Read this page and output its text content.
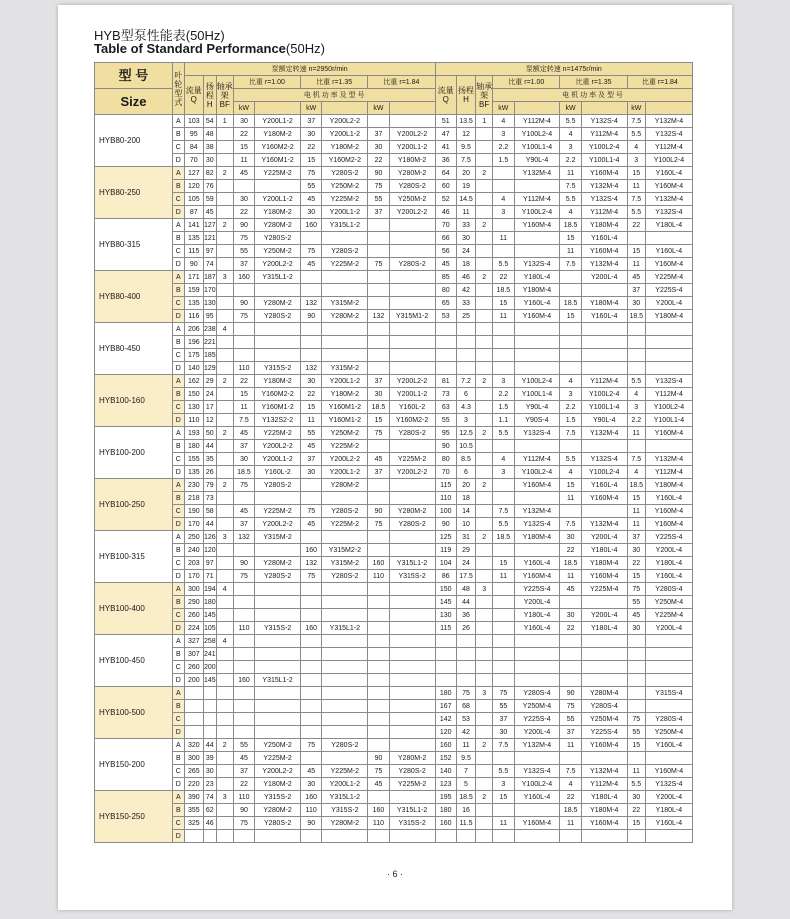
HYB型泵性能表(50Hz)
Table of Standard Performance(50Hz)
型 号	叶轮型式	泵额定转速 n=2950r/min									泵额定转速 n=1475r/min								
		流量Q	扬程H	轴承架BF	比重 r=1.00		比重 r=1.35		比重 r=1.84		流量Q	扬程H	轴承架BF	比重 r=1.00		比重 r=1.35		比重 r=1.84	
Size					电 机 功 率 及 型 号									电 机 功 率 及 型 号					
					kW		kW		kW					kW		kW		kW	
HYB80-200	A	103	54	1	30	Y200L1-2	37	Y200L2-2			51	13.5	1	4	Y112M-4	5.5	Y132S-4	7.5	Y132M-4
	B	95	48		22	Y180M-2	30	Y200L1-2	37	Y200L2-2	47	12		3	Y100L2-4	4	Y112M-4	5.5	Y132S-4
	C	84	38		15	Y160M2-2	22	Y180M-2	30	Y200L1-2	41	9.5		2.2	Y100L1-4	3	Y100L2-4	4	Y112M-4
	D	70	30		11	Y160M1-2	15	Y160M2-2	22	Y180M-2	36	7.5		1.5	Y90L-4	2.2	Y100L1-4	3	Y100L2-4
HYB80-250	A	127	82	2	45	Y225M-2	75	Y280S-2	90	Y280M-2	64	20	2		Y132M-4	11	Y160M-4	15	Y160L-4
	B	120	76				55	Y250M-2	75	Y280S-2	60	19				7.5	Y132M-4	11	Y160M-4
	C	105	59		30	Y200L1-2	45	Y225M-2	55	Y250M-2	52	14.5		4	Y112M-4	5.5	Y132S-4	7.5	Y132M-4
	D	87	45		22	Y180M-2	30	Y200L1-2	37	Y200L2-2	46	11		3	Y100L2-4	4	Y112M-4	5.5	Y132S-4
HYB80-315	A	141	127	2	90	Y280M-2	160	Y315L1-2			70	33	2		Y160M-4	18.5	Y180M-4	22	Y180L-4
	B	135	121		75	Y280S-2					66	30		11		15	Y160L-4		
	C	115	97		55	Y250M-2	75	Y280S-2			56	24				11	Y160M-4	15	Y160L-4
	D	90	74		37	Y200L2-2	45	Y225M-2	75	Y280S-2	45	18		5.5	Y132S-4	7.5	Y132M-4	11	Y160M-4
HYB80-400	A	171	187	3	160	Y315L1-2					85	46	2	22	Y180L-4		Y200L-4	45	Y225M-4
	B	159	170								80	42		18.5	Y180M-4			37	Y225S-4
	C	135	130		90	Y280M-2	132	Y315M-2			65	33		15	Y160L-4	18.5	Y180M-4	30	Y200L-4
	D	116	95		75	Y280S-2	90	Y280M-2	132	Y315M1-2	53	25		11	Y160M-4	15	Y160L-4	18.5	Y180M-4
HYB80-450	A	206	238	4															
	B	196	221																
	C	175	185																
	D	140	129		110	Y315S-2	132	Y315M-2											
HYB100-160	A	162	29	2	22	Y180M-2	30	Y200L1-2	37	Y200L2-2	81	7.2	2	3	Y100L2-4	4	Y112M-4	5.5	Y132S-4
	B	150	24		15	Y160M2-2	22	Y180M-2	30	Y200L1-2	73	6		2.2	Y100L1-4	3	Y100L2-4	4	Y112M-4
	C	130	17		11	Y160M1-2	15	Y160M1-2	18.5	Y160L-2	63	4.3		1.5	Y90L-4	2.2	Y100L1-4	3	Y100L2-4
	D	110	12		7.5	Y132S2-2	11	Y160M1-2	15	Y160M2-2	55	3		1.1	Y90S-4	1.5	Y90L-4	2.2	Y100L1-4
HYB100-200	A	193	50	2	45	Y225M-2	55	Y250M-2	75	Y280S-2	95	12.5	2	5.5	Y132S-4	7.5	Y132M-4	11	Y160M-4
	B	180	44		37	Y200L2-2	45	Y225M-2			90	10.5							
	C	155	35		30	Y200L1-2	37	Y200L2-2	45	Y225M-2	80	8.5		4	Y112M-4	5.5	Y132S-4	7.5	Y132M-4
	D	135	26		18.5	Y160L-2	30	Y200L1-2	37	Y200L2-2	70	6		3	Y100L2-4	4	Y100L2-4	4	Y112M-4
HYB100-250	A	230	79	2	75	Y280S-2		Y280M-2			115	20	2		Y160M-4	15	Y160L-4	18.5	Y180M-4
	B	218	73								110	18				11	Y160M-4	15	Y160L-4
	C	190	58		45	Y225M-2	75	Y280S-2	90	Y280M-2	100	14		7.5	Y132M-4			11	Y160M-4
	D	170	44		37	Y200L2-2	45	Y225M-2	75	Y280S-2	90	10		5.5	Y132S-4	7.5	Y132M-4	11	Y160M-4
HYB100-315	A	250	126	3	132	Y315M-2					125	31	2	18.5	Y180M-4	30	Y200L-4	37	Y225S-4
	B	240	120				160	Y315M2-2			119	29				22	Y180L-4	30	Y200L-4
	C	203	97		90	Y280M-2	132	Y315M-2	160	Y315L1-2	104	24		15	Y160L-4	18.5	Y180M-4	22	Y180L-4
	D	170	71		75	Y280S-2	75	Y280S-2	110	Y315S-2	86	17.5		11	Y160M-4	11	Y160M-4	15	Y160L-4
HYB100-400	A	300	194	4							150	48	3		Y225S-4	45	Y225M-4	75	Y280S-4
	B	290	180								145	44			Y200L-4			55	Y250M-4
	C	260	145								130	36			Y180L-4	30	Y200L-4	45	Y225M-4
	D	224	105		110	Y315S-2	160	Y315L1-2			115	26			Y160L-4	22	Y180L-4	30	Y200L-4
HYB100-450	A	327	258	4															
	B	307	241																
	C	260	200																
	D	200	145		160	Y315L1-2													
HYB100-500	A										180	75	3	75	Y280S-4	90	Y280M-4		Y315S-4
	B										167	68		55	Y250M-4	75	Y280S-4		
	C										142	53		37	Y225S-4	55	Y250M-4	75	Y280S-4
	D										120	42		30	Y200L-4	37	Y225S-4	55	Y250M-4
HYB150-200	A	320	44	2	55	Y250M-2	75	Y280S-2			160	11	2	7.5	Y132M-4	11	Y160M-4	15	Y160L-4
	B	300	39		45	Y225M-2			90	Y280M-2	152	9.5							
	C	265	30		37	Y200L2-2	45	Y225M-2	75	Y280S-2	140	7		5.5	Y132S-4	7.5	Y132M-4	11	Y160M-4
	D	220	23		22	Y180M-2	30	Y200L1-2	45	Y225M-2	123	5		3	Y100L2-4	4	Y112M-4	5.5	Y132S-4
HYB150-250	A	390	74	3	110	Y315S-2	160	Y315L1-2			195	18.5	2	15	Y160L-4	22	Y180L-4	30	Y200L-4
	B	355	62		90	Y280M-2	110	Y315S-2	160	Y315L1-2	180	16				18.5	Y180M-4	22	Y180L-4
	C	325	46		75	Y280S-2	90	Y280M-2	110	Y315S-2	160	11.5		11	Y160M-4	11	Y160M-4	15	Y160L-4
	D																		
· 6 ·
